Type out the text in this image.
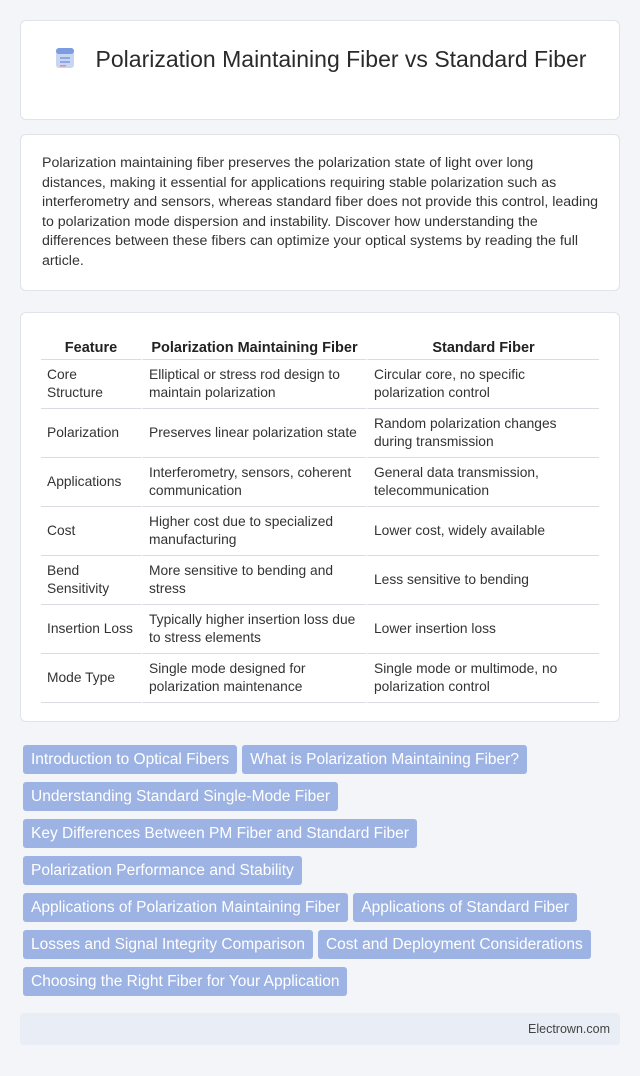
Polarization Maintaining Fiber vs Standard Fiber

Polarization maintaining fiber preserves the polarization state of light over long distances, making it essential for applications requiring stable polarization such as interferometry and sensors, whereas standard fiber does not provide this control, leading to polarization mode dispersion and instability. Discover how understanding the differences between these fibers can optimize your optical systems by reading the full article.

Feature	Polarization Maintaining Fiber	Standard Fiber
Core Structure	Elliptical or stress rod design to maintain polarization	Circular core, no specific polarization control
Polarization	Preserves linear polarization state	Random polarization changes during transmission
Applications	Interferometry, sensors, coherent communication	General data transmission, telecommunication
Cost	Higher cost due to specialized manufacturing	Lower cost, widely available
Bend Sensitivity	More sensitive to bending and stress	Less sensitive to bending
Insertion Loss	Typically higher insertion loss due to stress elements	Lower insertion loss
Mode Type	Single mode designed for polarization maintenance	Single mode or multimode, no polarization control
Introduction to Optical Fibers What is Polarization Maintaining Fiber?Understanding Standard Single-Mode FiberKey Differences Between PM Fiber and Standard FiberPolarization Performance and StabilityApplications of Polarization Maintaining Fiber Applications of Standard FiberLosses and Signal Integrity Comparison Cost and Deployment ConsiderationsChoosing the Right Fiber for Your Application
Electrown.com
